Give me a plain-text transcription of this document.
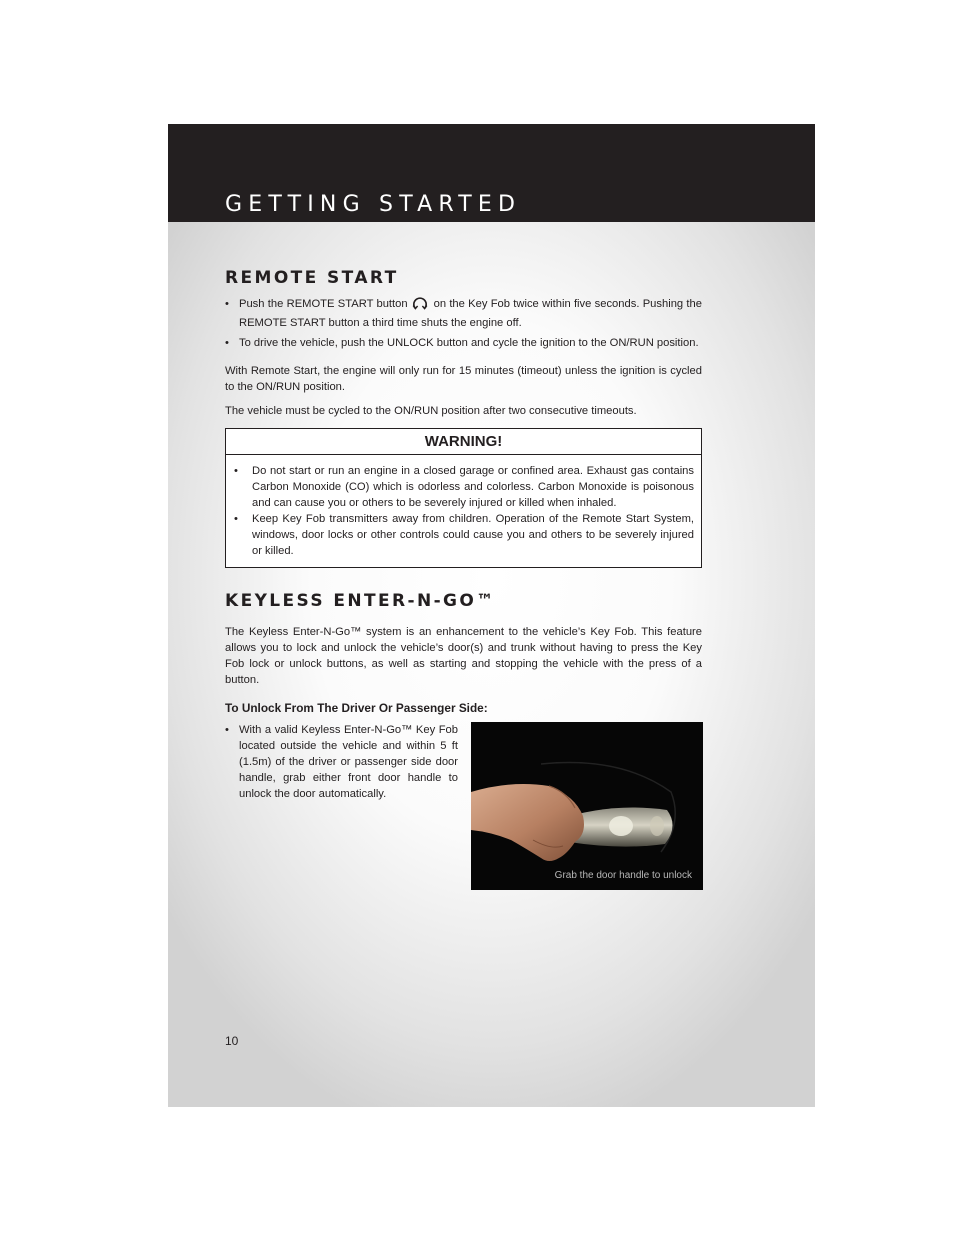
GETTING STARTED
REMOTE START
• Push the REMOTE START button on the Key Fob twice within five seconds. Pushing the REMOTE START button a third time shuts the engine off.
• To drive the vehicle, push the UNLOCK button and cycle the ignition to the ON/RUN position.

With Remote Start, the engine will only run for 15 minutes (timeout) unless the ignition is cycled to the ON/RUN position.

The vehicle must be cycled to the ON/RUN position after two consecutive timeouts.

WARNING!
• Do not start or run an engine in a closed garage or confined area. Exhaust gas contains Carbon Monoxide (CO) which is odorless and colorless. Carbon Monoxide is poisonous and can cause you or others to be severely injured or killed when inhaled.
• Keep Key Fob transmitters away from children. Operation of the Remote Start System, windows, door locks or other controls could cause you and others to be severely injured or killed.
KEYLESS ENTER-N-GO™

The Keyless Enter-N-Go™ system is an enhancement to the vehicle’s Key Fob. This feature allows you to lock and unlock the vehicle’s door(s) and trunk without having to press the Key Fob lock or unlock buttons, as well as starting and stopping the vehicle with the press of a button.

To Unlock From The Driver Or Passenger Side:
• With a valid Keyless Enter-N-Go™ Key Fob located outside the vehicle and within 5 ft (1.5m) of the driver or passenger side door handle, grab either front door handle to unlock the door automatically.
Grab the door handle to unlock
10
